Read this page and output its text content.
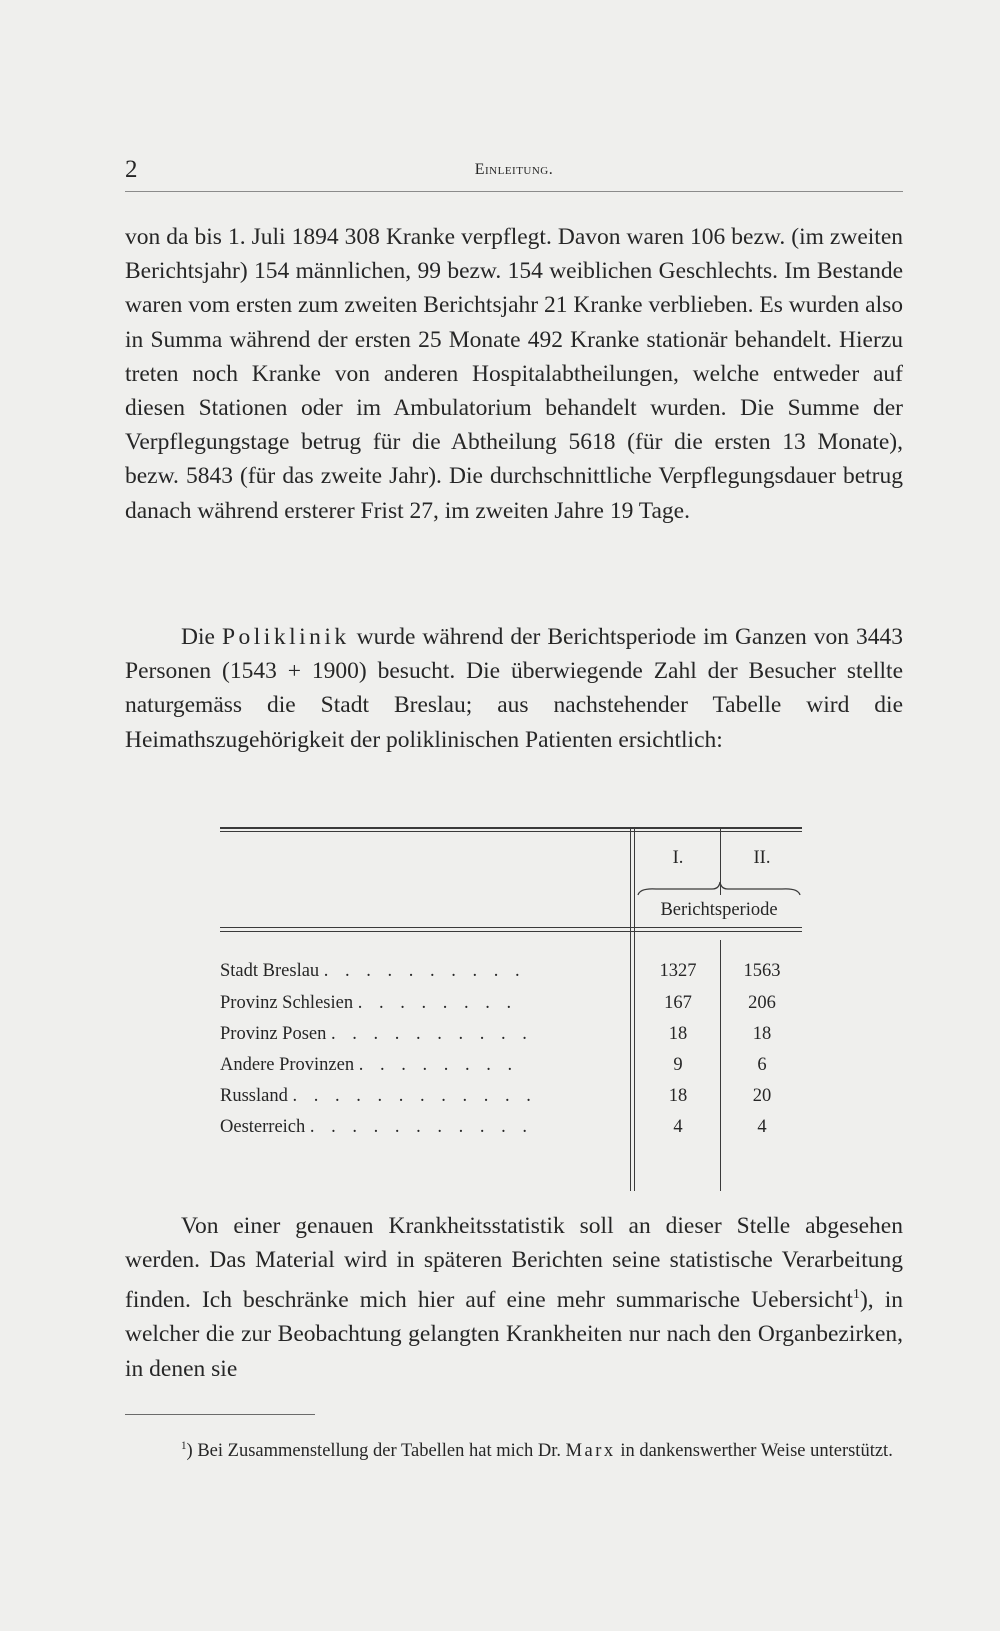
2	Einleitung.

von da bis 1. Juli 1894 308 Kranke verpflegt. Davon waren 106 bezw. (im zweiten Berichtsjahr) 154 männlichen, 99 bezw. 154 weiblichen Geschlechts. Im Bestande waren vom ersten zum zweiten Berichtsjahr 21 Kranke verblieben. Es wurden also in Summa während der ersten 25 Monate 492 Kranke stationär behandelt. Hierzu treten noch Kranke von anderen Hospitalabtheilungen, welche entweder auf diesen Stationen oder im Ambulatorium behandelt wurden. Die Summe der Verpflegungstage betrug für die Abtheilung 5618 (für die ersten 13 Monate), bezw. 5843 (für das zweite Jahr). Die durchschnittliche Verpflegungsdauer betrug danach während ersterer Frist 27, im zweiten Jahre 19 Tage.

Die Poliklinik wurde während der Berichtsperiode im Ganzen von 3443 Personen (1543 + 1900) besucht. Die überwiegende Zahl der Besucher stellte naturgemäss die Stadt Breslau; aus nachstehender Tabelle wird die Heimathszugehörigkeit der poliklinischen Patienten ersichtlich:

I.	II.
Berichtsperiode
Stadt Breslau . . . . . . . . . .	1327	1563
Provinz Schlesien . . . . . . . .	167	206
Provinz Posen . . . . . . . . . .	18	18
Andere Provinzen . . . . . . . .	9	6
Russland . . . . . . . . . . . .	18	20
Oesterreich . . . . . . . . . . .	4	4

Von einer genauen Krankheitsstatistik soll an dieser Stelle abgesehen werden. Das Material wird in späteren Berichten seine statistische Verarbeitung finden. Ich beschränke mich hier auf eine mehr summarische Uebersicht$^1$), in welcher die zur Beobachtung gelangten Krankheiten nur nach den Organbezirken, in denen sie

$^1$) Bei Zusammenstellung der Tabellen hat mich Dr. Marx in dankenswerther Weise unterstützt.
